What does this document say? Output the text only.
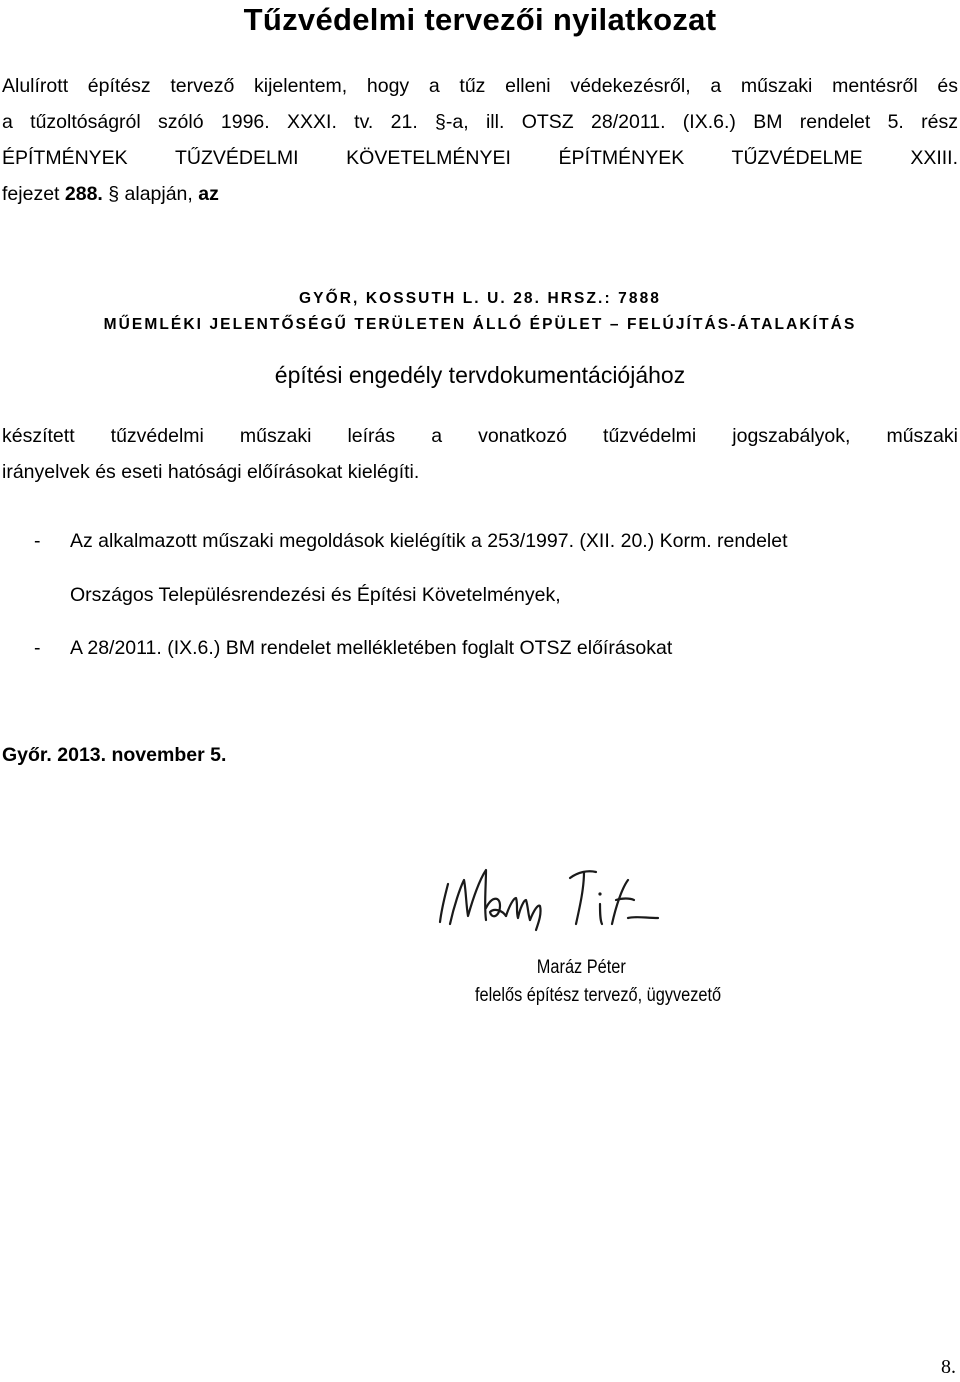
Tűzvédelmi tervezői nyilatkozat
Alulírott építész tervező kijelentem, hogy a tűz elleni védekezésről, a műszaki mentésről és
a tűzoltóságról szóló 1996. XXXI. tv. 21. §-a, ill. OTSZ 28/2011. (IX.6.) BM rendelet 5. rész
ÉPÍTMÉNYEK TŰZVÉDELMI KÖVETELMÉNYEI ÉPÍTMÉNYEK TŰZVÉDELME XXIII.
fejezet 288. § alapján, az
GYŐR, KOSSUTH L. U. 28. HRSZ.: 7888
MŰEMLÉKI JELENTŐSÉGŰ TERÜLETEN ÁLLÓ ÉPÜLET – FELÚJÍTÁS-ÁTALAKÍTÁS
építési engedély tervdokumentációjához
készített tűzvédelmi műszaki leírás a vonatkozó tűzvédelmi jogszabályok, műszaki
irányelvek és eseti hatósági előírásokat kielégíti.
- Az alkalmazott műszaki megoldások kielégítik a 253/1997. (XII. 20.) Korm. rendelet
Országos Településrendezési és Építési Követelmények,
- A 28/2011. (IX.6.) BM rendelet mellékletében foglalt OTSZ előírásokat
Győr. 2013. november 5.
Maráz Péter
felelős építész tervező, ügyvezető
8.
